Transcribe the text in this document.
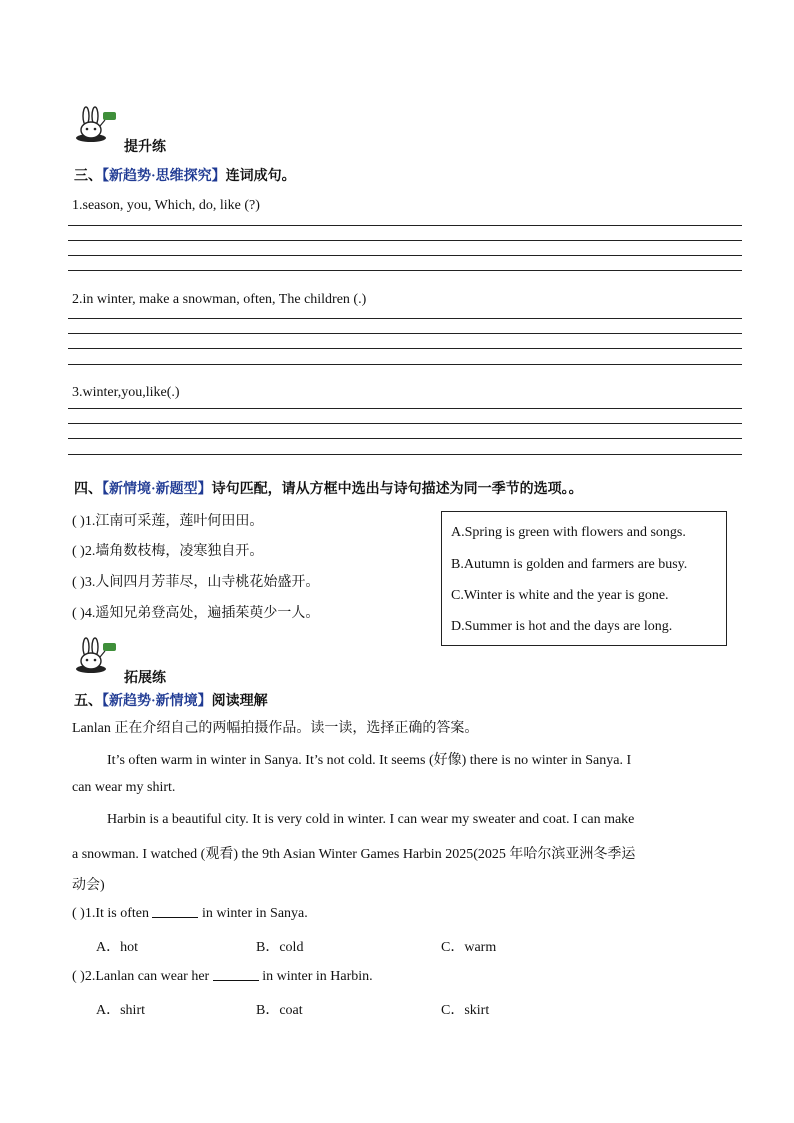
提升练
三、【新趋势·思维探究】连词成句。
1.season, you, Which, do, like (?)
2.in winter, make a snowman, often, The children (.)
3.winter,you,like(.)
四、【新情境·新题型】诗句匹配，请从方框中选出与诗句描述为同一季节的选项。。
( )1.江南可采莲，莲叶何田田。
( )2.墙角数枝梅，凌寒独自开。
( )3.人间四月芳菲尽，山寺桃花始盛开。
( )4.遥知兄弟登高处，遍插茱萸少一人。
A.Spring is green with flowers and songs.
B.Autumn is golden and farmers are busy.
C.Winter is white and the year is gone.
D.Summer is hot and the days are long.
拓展练
五、【新趋势·新情境】阅读理解
Lanlan 正在介绍自己的两幅拍摄作品。读一读，选择正确的答案。
It’s often warm in winter in Sanya. It’s not cold. It seems (好像) there is no winter in Sanya. I
can wear my shirt.
Harbin is a beautiful city. It is very cold in winter. I can wear my sweater and coat. I can make
a snowman. I watched (观看) the 9th Asian Winter Games Harbin 2025(2025 年哈尔滨亚洲冬季运
动会)
( )1.It is often	in winter in Sanya.
A．hot	B．cold	C．warm
( )2.Lanlan can wear her	in winter in Harbin.
A．shirt	B．coat	C．skirt
